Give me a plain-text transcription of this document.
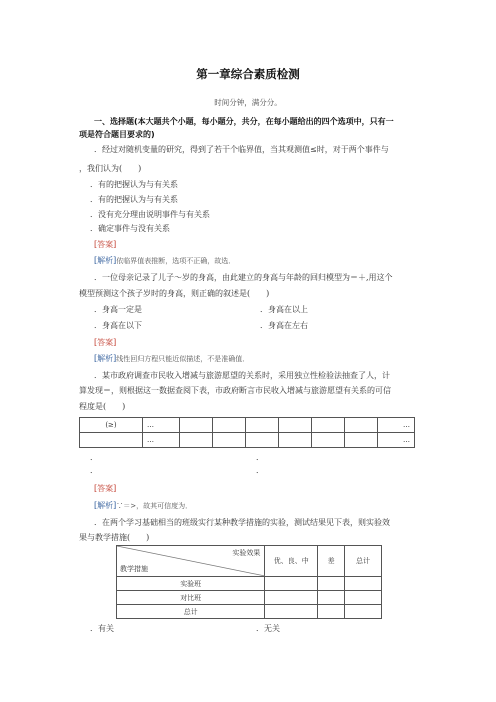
第一章综合素质检测
时间分钟，满分分。
一、选择题(本大题共个小题，每小题分，共分，在每小题给出的四个选项中，只有一
项是符合题目要求的)
．经过对随机变量的研究，得到了若干个临界值，当其观测值≤时，对于两个事件与
，我们认为(　　)
．有的把握认为与有关系
．有的把握认为与有关系
．没有充分理由说明事件与有关系
．确定事件与没有关系
[答案]
[解析]依临界值表推断，选项不正确，故选．
．一位母亲记录了儿子～岁的身高，由此建立的身高与年龄的回归模型为＝＋,用这个
模型预测这个孩子岁时的身高，则正确的叙述是(　　)
．身高一定是	．身高在以上
．身高在以下	．身高在左右
[答案]
[解析]线性回归方程只能近似描述，不是准确值．
．某市政府调查市民收入增减与旅游愿望的关系时，采用独立性检验法抽查了人，计
算发现＝，则根据这一数据查阅下表，市政府断言市民收入增减与旅游愿望有关系的可信
程度是(　　)
(≥)	…							…
	…							…
．	．
．	．
[答案]
[解析]∵＝>，故其可信度为．
．在两个学习基础相当的班级实行某种教学措施的实验，测试结果见下表，则实验效
果与教学措施(　　)
实验效果
教学措施	优、良、中	差	总计
实验班			
对比班			
总计			
．有关	．无关
